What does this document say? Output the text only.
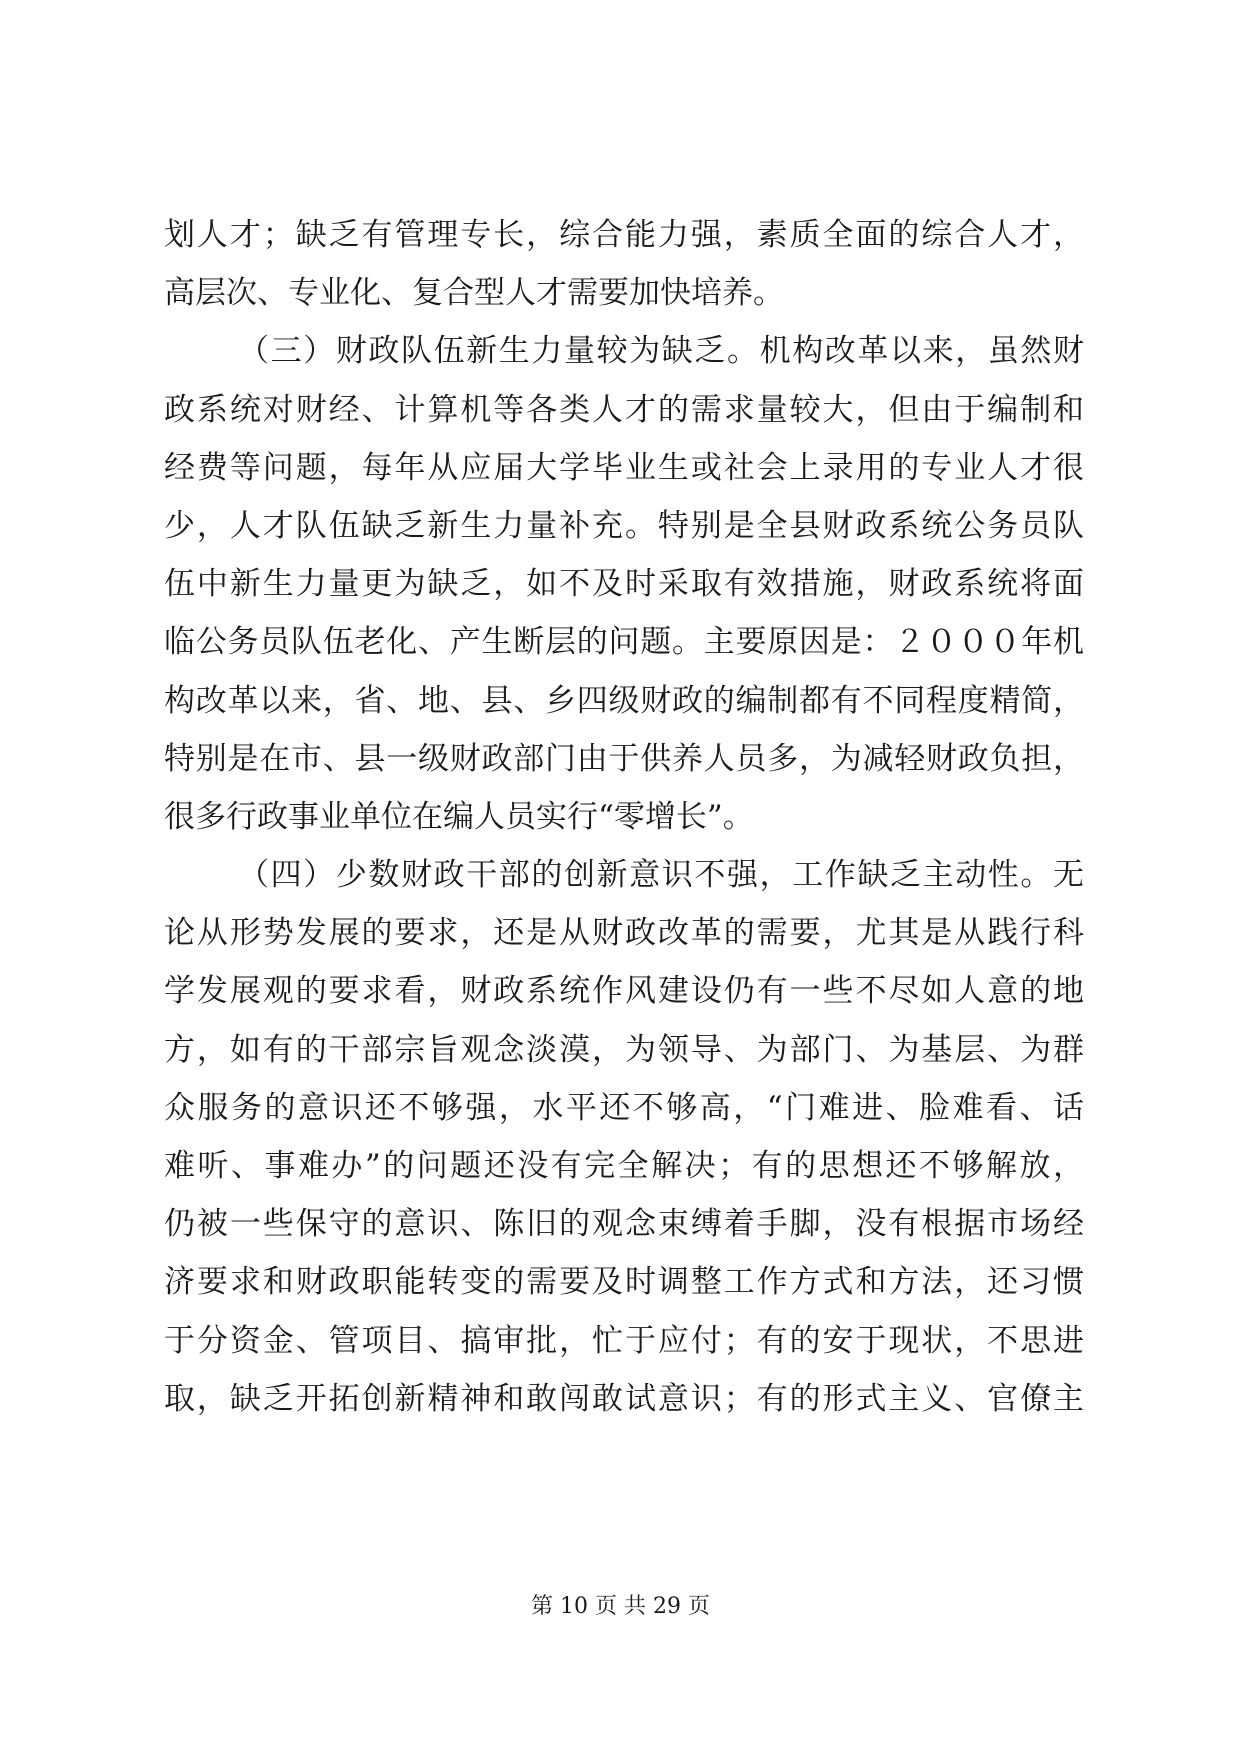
划人才；缺乏有管理专长，综合能力强，素质全面的综合人才，
高层次、专业化、复合型人才需要加快培养。
（三）财政队伍新生力量较为缺乏。机构改革以来，虽然财
政系统对财经、计算机等各类人才的需求量较大，但由于编制和
经费等问题，每年从应届大学毕业生或社会上录用的专业人才很
少，人才队伍缺乏新生力量补充。特别是全县财政系统公务员队
伍中新生力量更为缺乏，如不及时采取有效措施，财政系统将面
临公务员队伍老化、产生断层的问题。主要原因是：２０００年机
构改革以来，省、地、县、乡四级财政的编制都有不同程度精简，
特别是在市、县一级财政部门由于供养人员多，为减轻财政负担，
很多行政事业单位在编人员实行“零增长”。
（四）少数财政干部的创新意识不强，工作缺乏主动性。无
论从形势发展的要求，还是从财政改革的需要，尤其是从践行科
学发展观的要求看，财政系统作风建设仍有一些不尽如人意的地
方，如有的干部宗旨观念淡漠，为领导、为部门、为基层、为群
众服务的意识还不够强，水平还不够高，“门难进、脸难看、话
难听、事难办”的问题还没有完全解决；有的思想还不够解放，
仍被一些保守的意识、陈旧的观念束缚着手脚，没有根据市场经
济要求和财政职能转变的需要及时调整工作方式和方法，还习惯
于分资金、管项目、搞审批，忙于应付；有的安于现状，不思进
取，缺乏开拓创新精神和敢闯敢试意识；有的形式主义、官僚主
第 10 页 共 29 页
